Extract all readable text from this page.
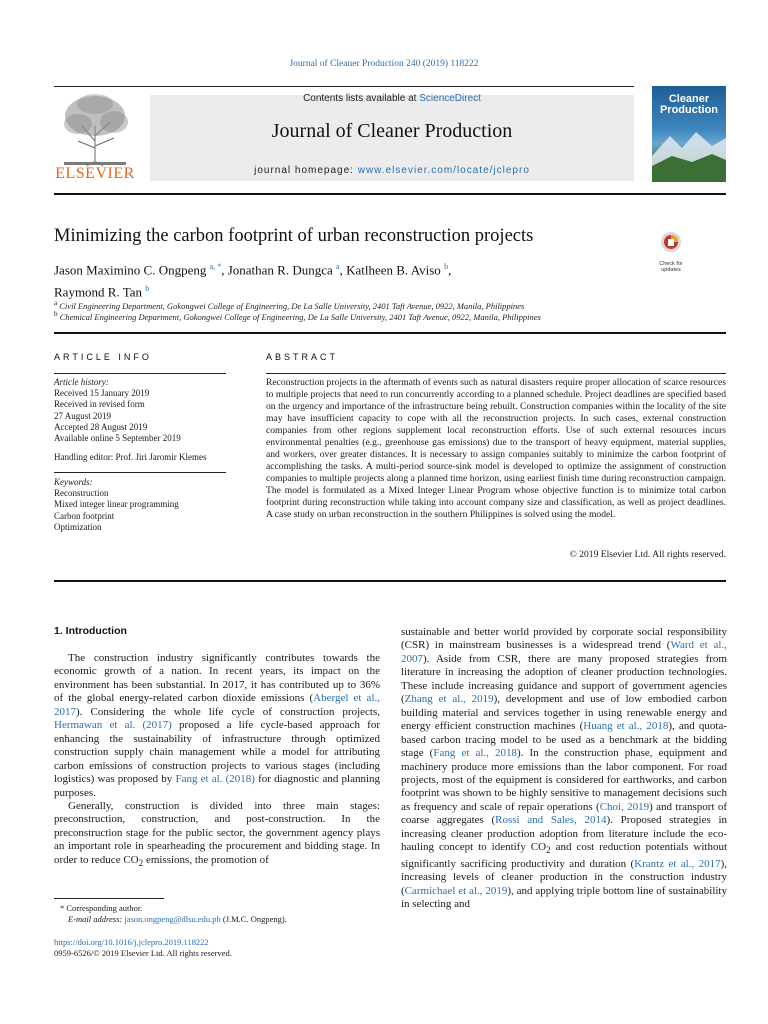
Journal of Cleaner Production 240 (2019) 118222
ELSEVIER
Contents lists available at ScienceDirect
Journal of Cleaner Production
journal homepage: www.elsevier.com/locate/jclepro
Cleaner
Production
Minimizing the carbon footprint of urban reconstruction projects
Check for
updates
Jason Maximino C. Ongpeng $^{a, *}$, Jonathan R. Dungca $^a$, Katlheen B. Aviso $^b$,
Raymond R. Tan $^b$
$^a$ Civil Engineering Department, Gokongwei College of Engineering, De La Salle University, 2401 Taft Avenue, 0922, Manila, Philippines
$^b$ Chemical Engineering Department, Gokongwei College of Engineering, De La Salle University, 2401 Taft Avenue, 0922, Manila, Philippines
ARTICLE INFO	ABSTRACT
Article history:
Received 15 January 2019
Received in revised form
27 August 2019
Accepted 28 August 2019
Available online 5 September 2019
Handling editor: Prof. Jiri Jaromir Klemes
Keywords:
Reconstruction
Mixed integer linear programming
Carbon footprint
Optimization
Reconstruction projects in the aftermath of events such as natural disasters require proper allocation of scarce resources to multiple projects that need to run concurrently according to a planned schedule. Project deadlines are specified based on the urgency and importance of the infrastructure being rebuilt. Construction companies within the locality of the site may have insufficient capacity to cope with all the reconstruction projects. In such cases, external construction companies from other regions supplement local reconstruction efforts. Use of such external resources incurs environmental penalties (e.g., greenhouse gas emissions) due to the transport of heavy equipment, material supplies, and workers, over greater distances. It is necessary to assign companies suitably to minimize the carbon footprint of accomplishing the tasks. A multi-period source-sink model is developed to optimize the assignment of construction companies to multiple projects along a planned time horizon, using earliest finish time during reconstruction campaign. The model is formulated as a Mixed Integer Linear Program whose objective function is to minimize total carbon footprint during reconstruction while taking into account company size and classification, as well as project deadlines. A case study on urban reconstruction in the southern Philippines is solved using the model.
© 2019 Elsevier Ltd. All rights reserved.
1. Introduction

The construction industry significantly contributes towards the economic growth of a nation. In recent years, its impact on the environment has been substantial. In 2017, it has contributed up to 36% of the global energy-related carbon dioxide emissions (Abergel et al., 2017). Considering the whole life cycle of construction projects, Hermawan et al. (2017) proposed a life cycle-based approach for enhancing the sustainability of infrastructure through optimized construction supply chain management while a model for attributing carbon emissions of construction projects to various stages (including logistics) was proposed by Fang et al. (2018) for diagnostic and planning purposes.

Generally, construction is divided into three main stages: preconstruction, construction, and post-construction. In the preconstruction stage for the public sector, the government agency plays an important role in spearheading the procurement and bidding stage. In order to reduce $CO_2$ emissions, the promotion of

sustainable and better world provided by corporate social responsibility (CSR) in mainstream businesses is a widespread trend (Ward et al., 2007). Aside from CSR, there are many proposed strategies from literature in increasing the adoption of cleaner production technologies. These include increasing guidance and support of government agencies (Zhang et al., 2019), development and use of low embodied carbon building material and services together in using renewable energy and energy efficient construction machines (Huang et al., 2018), and quota-based carbon tracing model to be used as a benchmark at the bidding stage (Fang et al., 2018). In the construction phase, equipment and machinery produce more emissions than the labor component. For road projects, most of the equipment is considered for earthworks, and carbon footprint was shown to be highly sensitive to management decisions such as frequency and scale of repair operations (Choi, 2019) and transport of coarse aggregates (Rossi and Sales, 2014). Proposed strategies in increasing cleaner production adoption from literature include the eco-hauling concept to identify $CO_2$ and cost reduction potentials without significantly sacrificing productivity and duration (Krantz et al., 2017), increasing levels of cleaner production in the construction industry (Carmichael et al., 2019), and applying triple bottom line of sustainability in selecting and

* Corresponding author.
E-mail address: jason.ongpeng@dlsu.edu.ph (J.M.C. Ongpeng).
https://doi.org/10.1016/j.jclepro.2019.118222
0959-6526/© 2019 Elsevier Ltd. All rights reserved.
